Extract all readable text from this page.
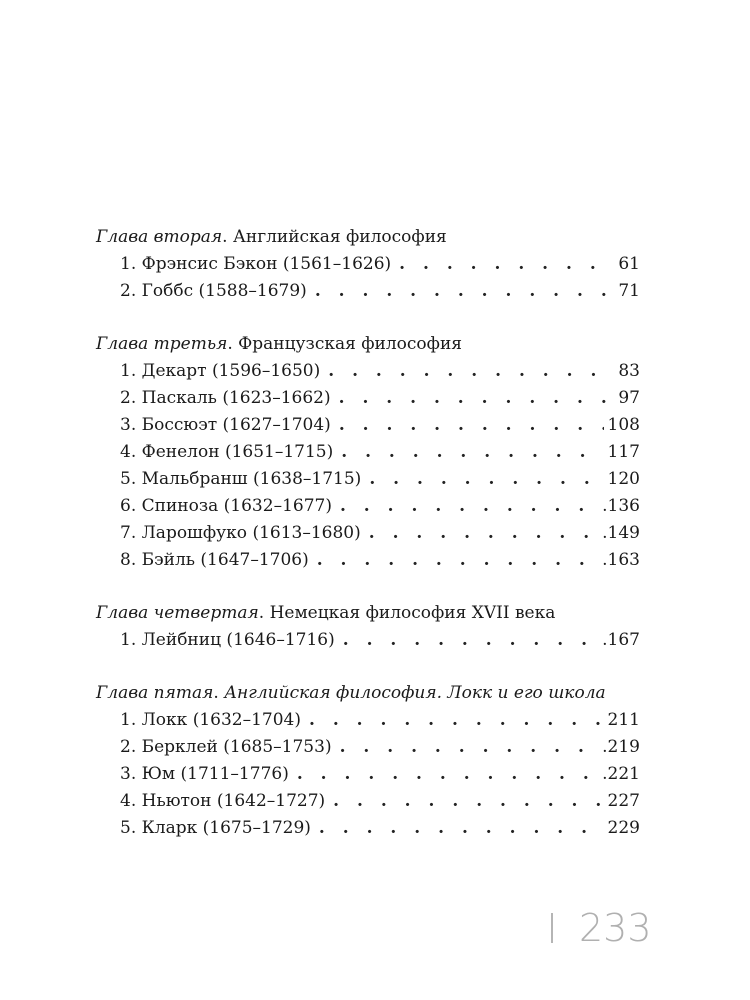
Глава вторая. Английская философия
1. Фрэнсис Бэкон (1561–1626) . . .	61
2. Гоббс (1588–1679) . . .	71
Глава третья. Французская философия
1. Декарт (1596–1650) . . .	83
2. Паскаль (1623–1662) . . .	97
3. Боссюэт (1627–1704) . . .	108
4. Фенелон (1651–1715) . . .	117
5. Мальбранш (1638–1715) . . .	120
6. Спиноза (1632–1677) . . .	.136
7. Ларошфуко (1613–1680) . . .	.149
8. Бэйль (1647–1706) . . .	.163
Глава четвертая. Немецкая философия XVII века
1. Лейбниц (1646–1716) . . .	.167
Глава пятая. Английская философия. Локк и его школа
1. Локк (1632–1704) . . .	211
2. Берклей (1685–1753) . . .	.219
3. Юм (1711–1776) . . .	.221
4. Ньютон (1642–1727) . . .	227
5. Кларк (1675–1729) . . .	229
233
